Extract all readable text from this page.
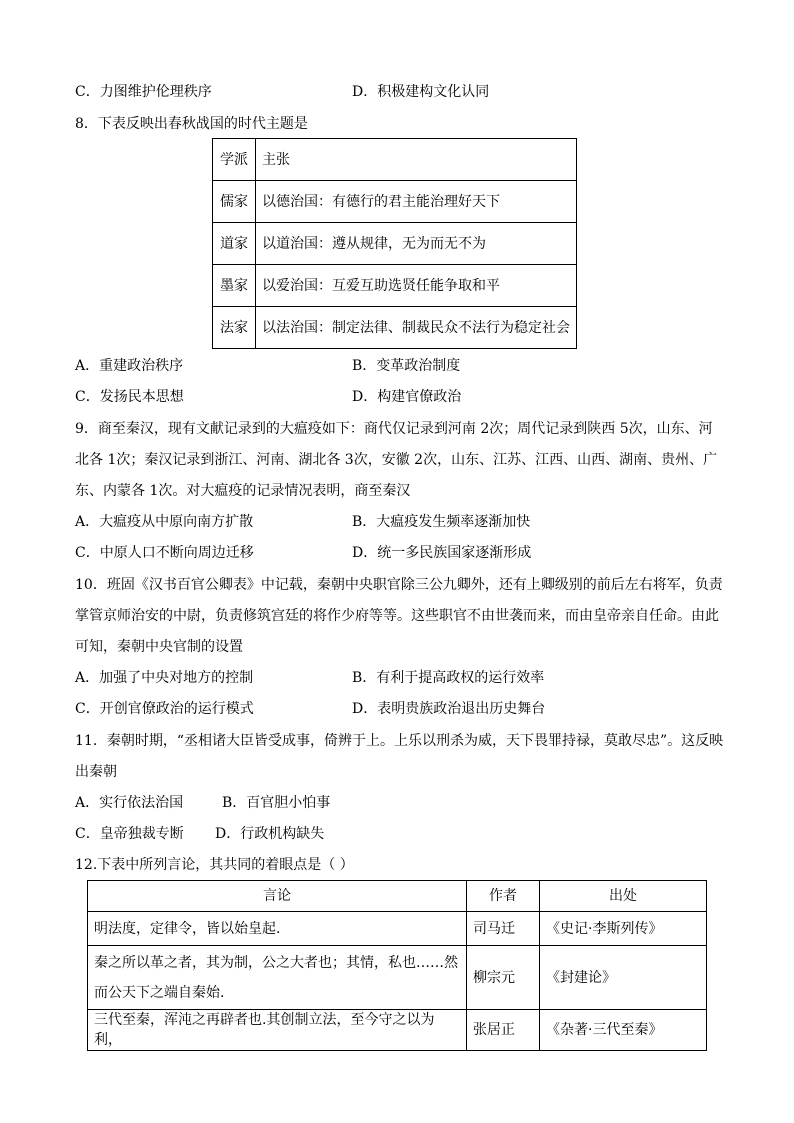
C．力图维护伦理秩序	D．积极建构文化认同
8．下表反映出春秋战国的时代主题是
学派	主张
儒家	以德治国：有德行的君主能治理好天下
道家	以道治国：遵从规律，无为而无不为
墨家	以爱治国：互爱互助选贤任能争取和平
法家	以法治国：制定法律、制裁民众不法行为稳定社会
A．重建政治秩序	B．变革政治制度
C．发扬民本思想	D．构建官僚政治
9．商至秦汉，现有文献记录到的大瘟疫如下：商代仅记录到河南 2次；周代记录到陕西 5次，山东、河
北各 1次；秦汉记录到浙江、河南、湖北各 3次，安徽 2次，山东、江苏、江西、山西、湖南、贵州、广
东、内蒙各 1次。对大瘟疫的记录情况表明，商至秦汉
A．大瘟疫从中原向南方扩散	B．大瘟疫发生频率逐渐加快
C．中原人口不断向周边迁移	D．统一多民族国家逐渐形成
10．班固《汉书百官公卿表》中记载，秦朝中央职官除三公九卿外，还有上卿级别的前后左右将军，负责
掌管京师治安的中尉，负责修筑宫廷的将作少府等等。这些职官不由世袭而来，而由皇帝亲自任命。由此
可知，秦朝中央官制的设置
A．加强了中央对地方的控制	B．有利于提高政权的运行效率
C．开创官僚政治的运行模式	D．表明贵族政治退出历史舞台
11．秦朝时期，“丞相诸大臣皆受成事，倚辨于上。上乐以刑杀为威，天下畏罪持禄，莫敢尽忠”。这反映
出秦朝
A．实行依法治国	B．百官胆小怕事
C．皇帝独裁专断 D．行政机构缺失
12.下表中所列言论，其共同的着眼点是（ ）
言论	作者	出处
明法度，定律令，皆以始皇起.	司马迁	《史记·李斯列传》

秦之所以革之者，其为制，公之大者也；其情，私也……然
而公天下之端自秦始.	柳宗元	《封建论》
三代至秦，浑沌之再辟者也.其创制立法，至今守之以为利，	张居正	《杂著·三代至秦》
